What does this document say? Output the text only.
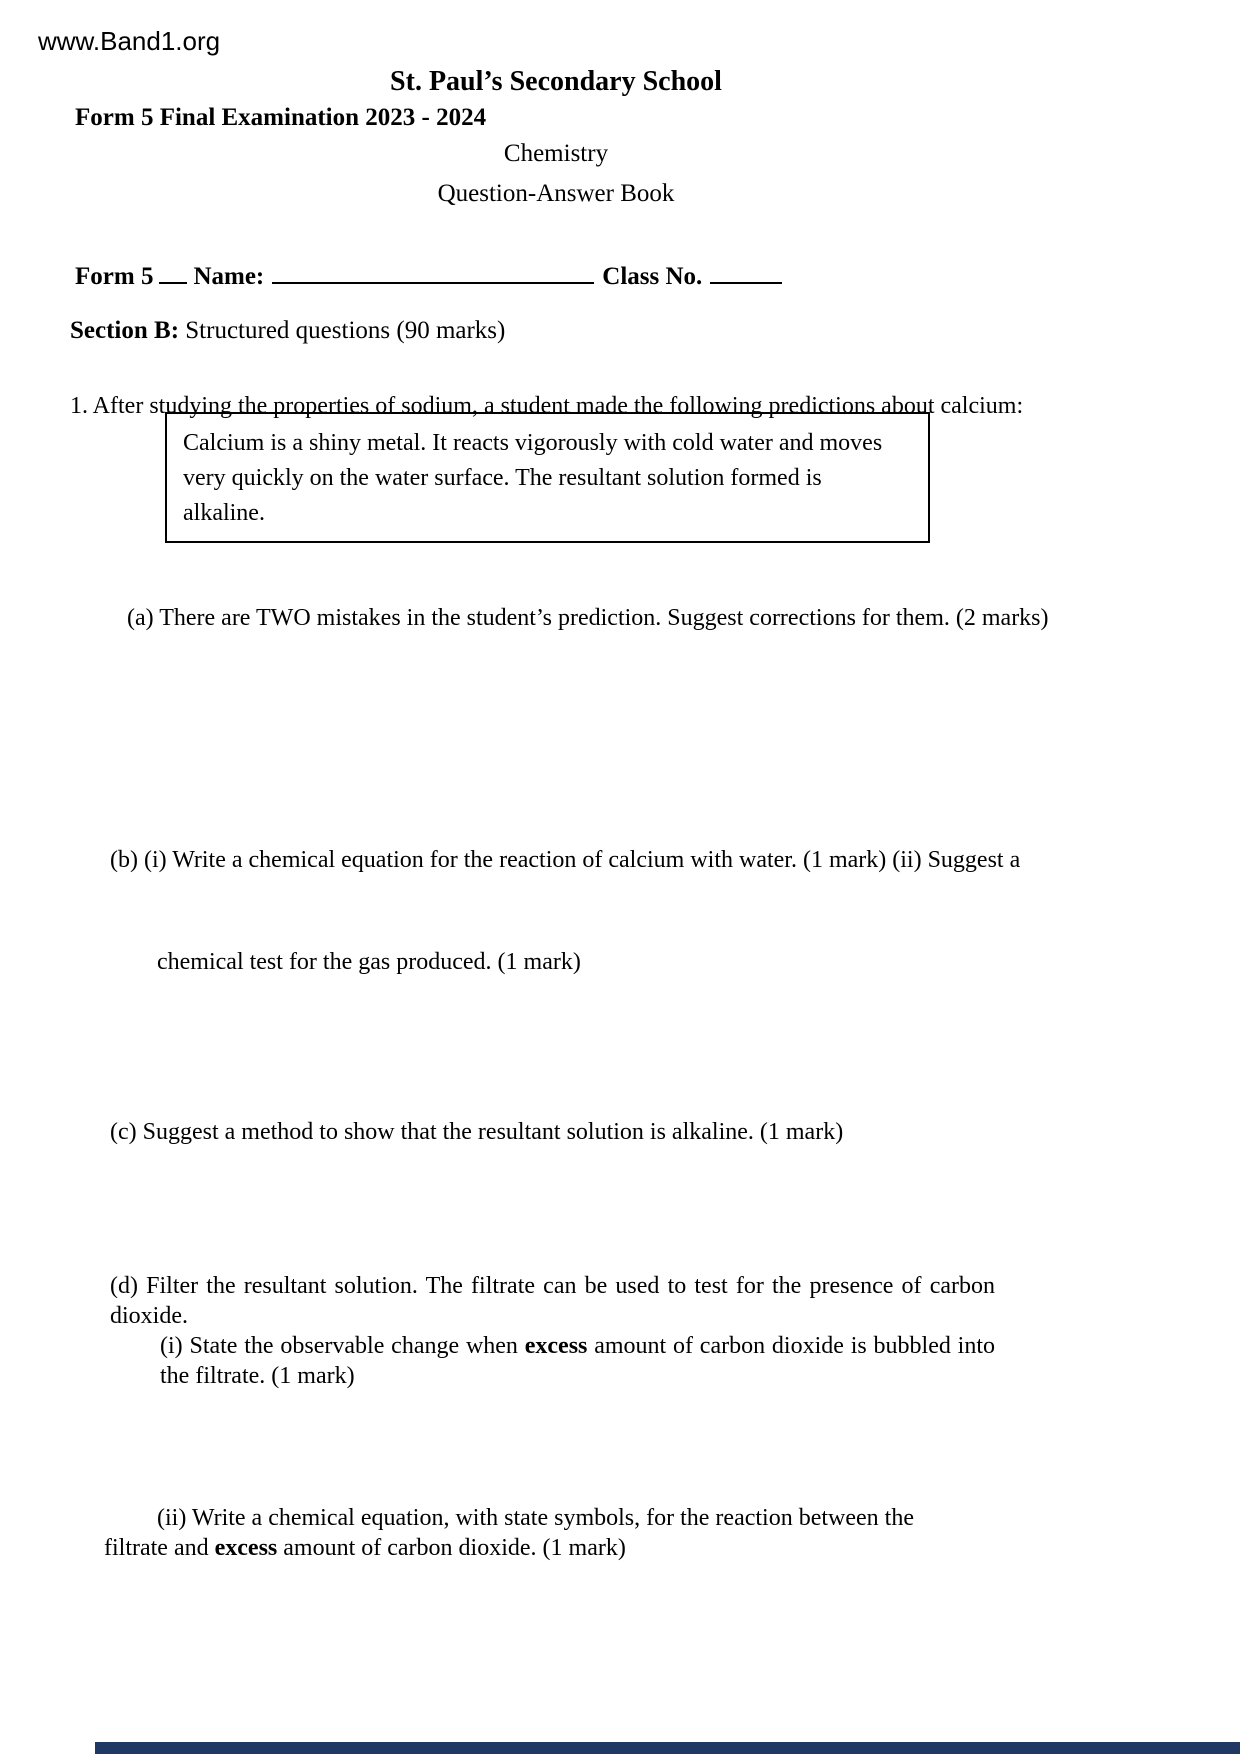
www.Band1.org
St. Paul’s Secondary School
Form 5 Final Examination 2023 - 2024
Chemistry
Question-Answer Book
Form 5 Name:	Class No.
Section B: Structured questions (90 marks)
1. After studying the properties of sodium, a student made the following predictions about calcium:
Calcium is a shiny metal. It reacts vigorously with cold water and moves very quickly on the water surface. The resultant solution formed is alkaline.
(a) There are TWO mistakes in the student’s prediction. Suggest corrections for them. (2 marks)
(b) (i) Write a chemical equation for the reaction of calcium with water. (1 mark) (ii) Suggest a
chemical test for the gas produced. (1 mark)
(c) Suggest a method to show that the resultant solution is alkaline. (1 mark)
(d) Filter the resultant solution. The filtrate can be used to test for the presence of carbon dioxide.
(i) State the observable change when excess amount of carbon dioxide is bubbled into the filtrate. (1 mark)
(ii) Write a chemical equation, with state symbols, for the reaction between the filtrate and excess amount of carbon dioxide. (1 mark)
